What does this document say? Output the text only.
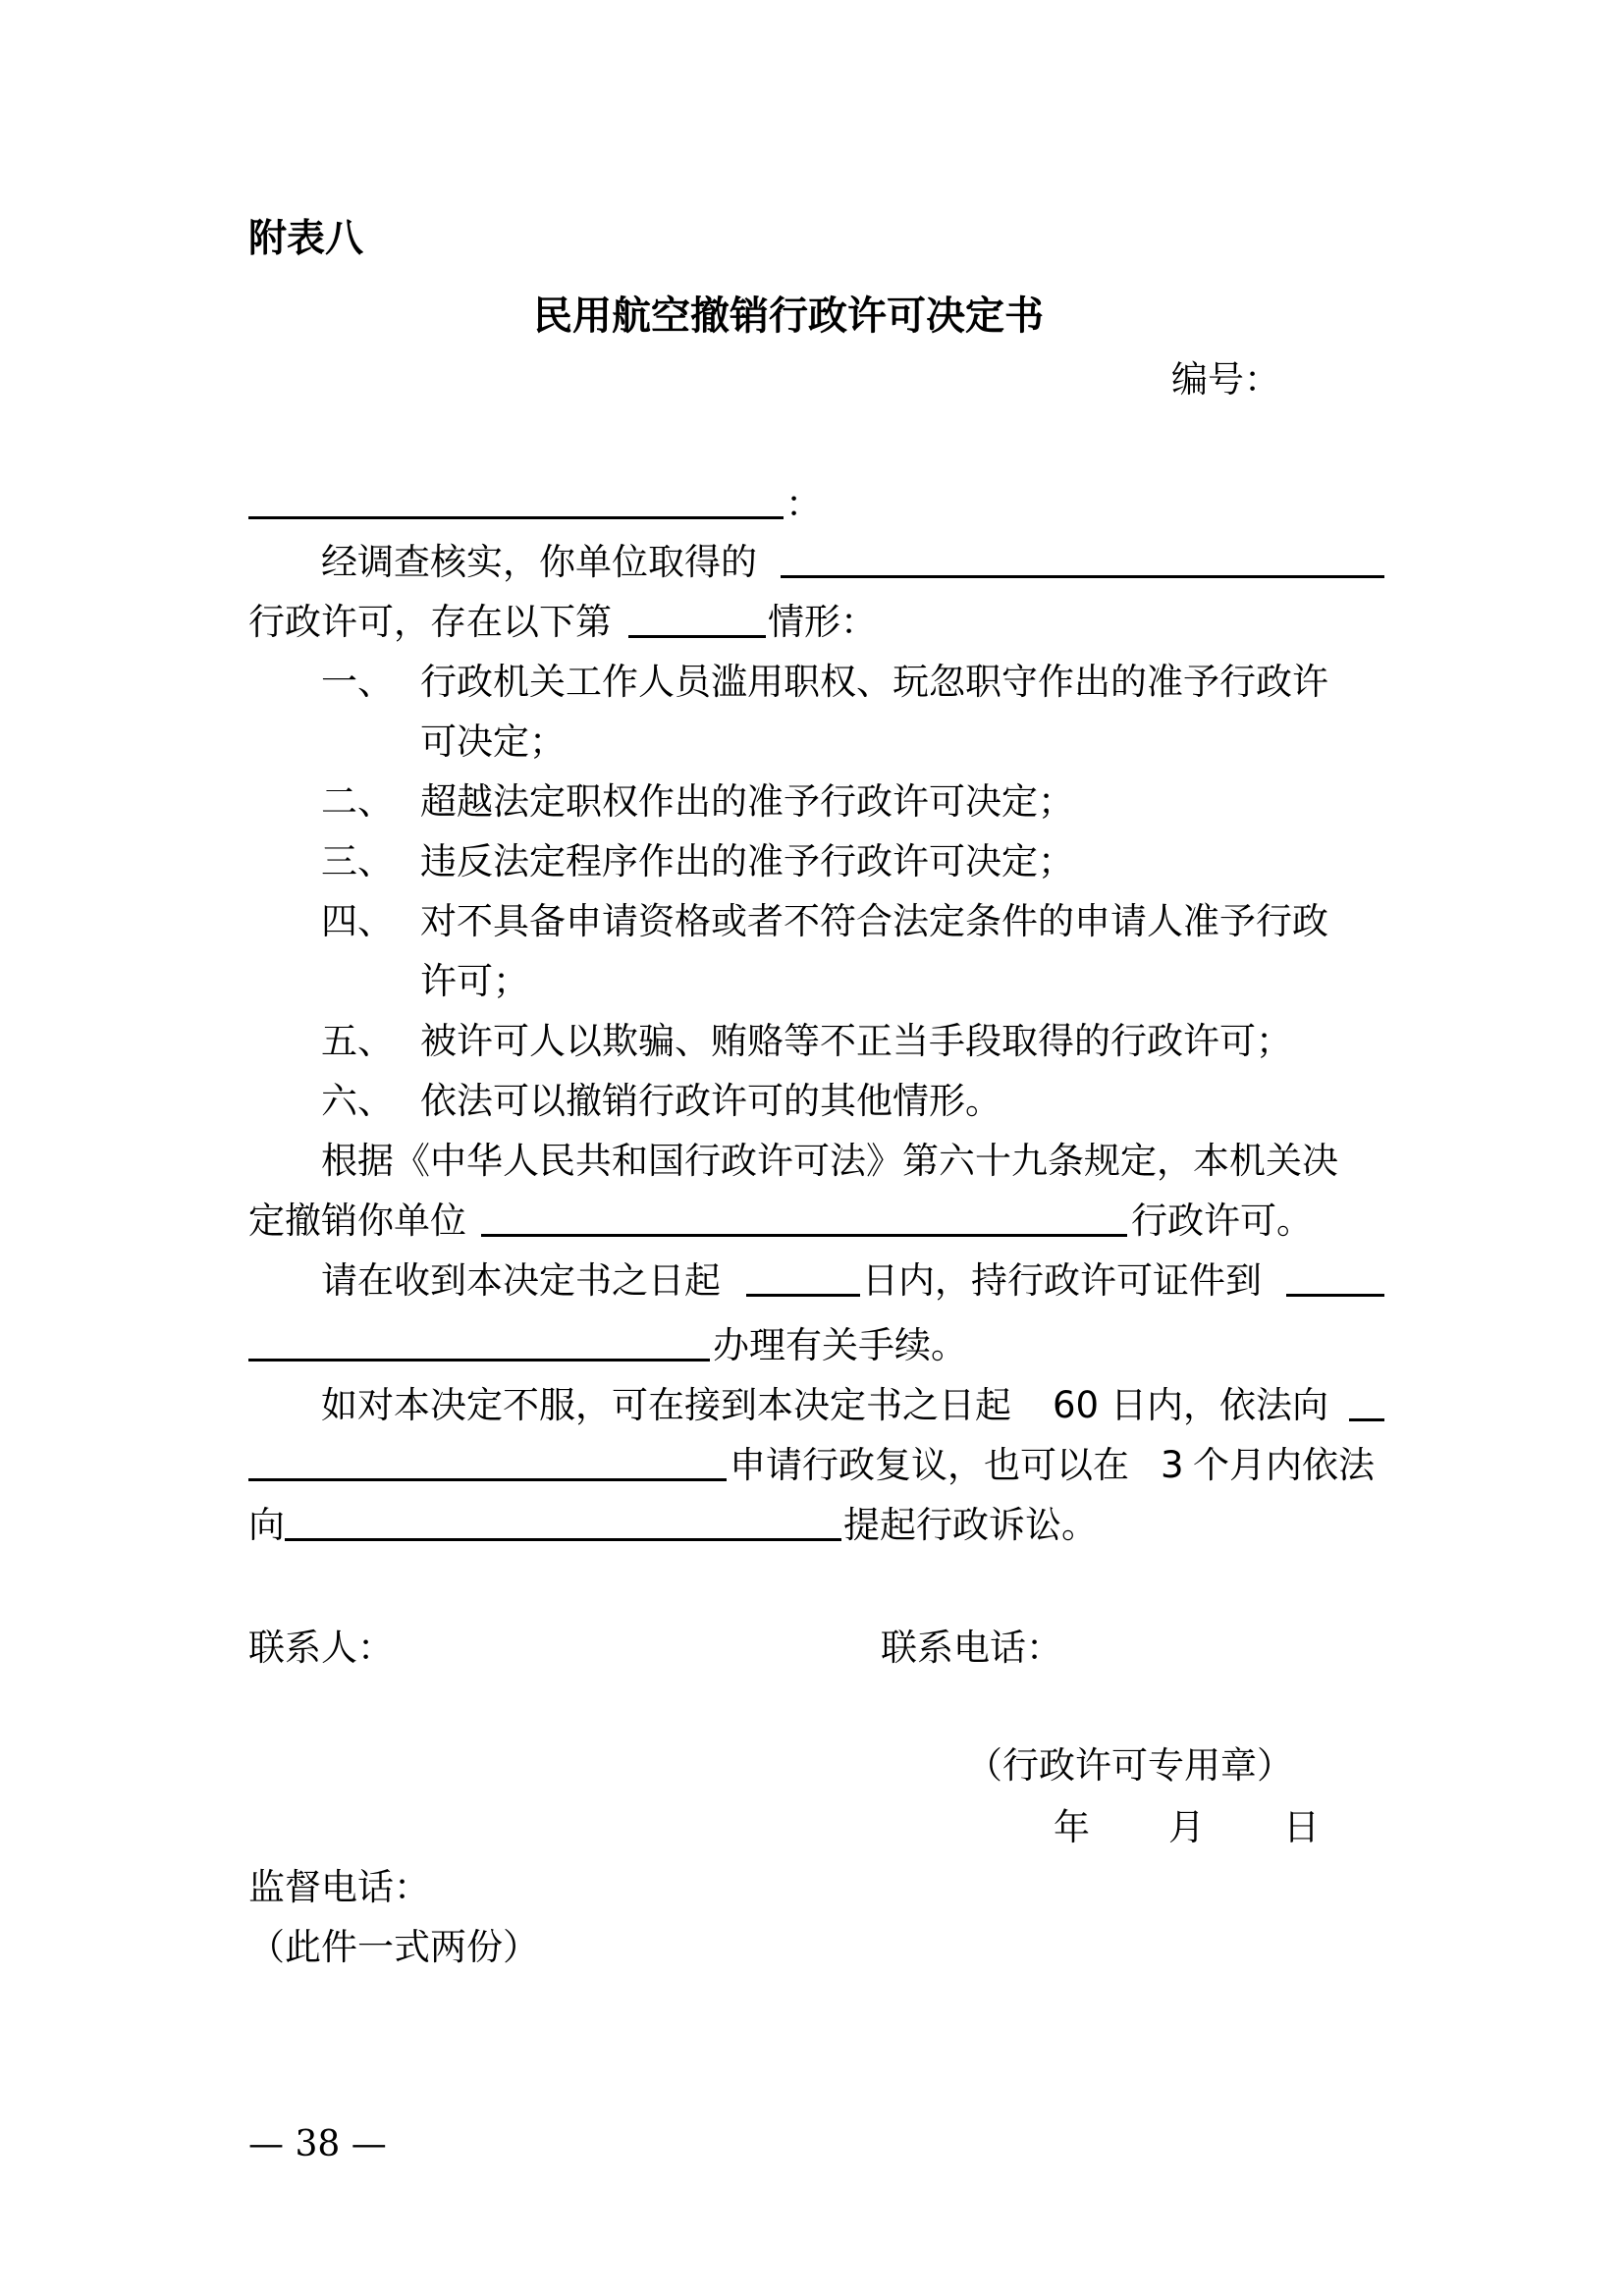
附表八
民用航空撤销行政许可决定书
编号：
：
经调查核实，你单位取得的
行政许可，存在以下第	情形：
一、 行政机关工作人员滥用职权、玩忽职守作出的准予行政许
可决定；
二、 超越法定职权作出的准予行政许可决定；
三、 违反法定程序作出的准予行政许可决定；
四、 对不具备申请资格或者不符合法定条件的申请人准予行政
许可；
五、 被许可人以欺骗、贿赂等不正当手段取得的行政许可；
六、 依法可以撤销行政许可的其他情形。
根据《中华人民共和国行政许可法》第六十九条规定，本机关决
定撤销你单位	行政许可。
请在收到本决定书之日起	日内，持行政许可证件到
办理有关手续。
如对本决定不服，可在接到本决定书之日起 60 日内，依法向
申请行政复议，也可以在 3 个月内依法
向	提起行政诉讼。
联系人：	联系电话：
（行政许可专用章）
年 月 日
监督电话：
（此件一式两份）
— 38 —
